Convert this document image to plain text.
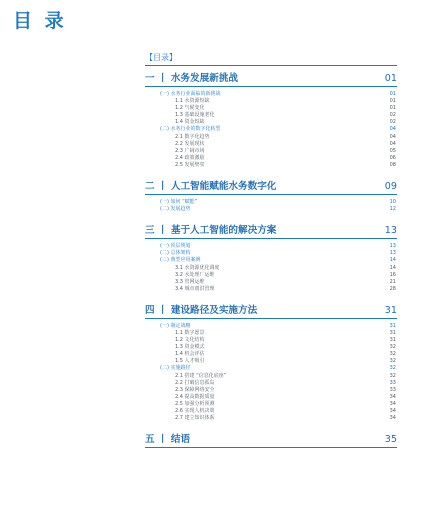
目 录
【目录】
一 丨 水务发展新挑战	01
(一) 水务行业面临的新挑战	01
1.1 水资源短缺	01
1.2 气候变化	01
1.3 基础设施老化	02
1.4 资金短缺	02
(二) 水务行业的数字化转型	04
2.1 数字化趋势	04
2.2 发展现状	04
2.3 广阔市场	05
2.4 政策激励	06
2.5 发展壁垒	08
二 丨 人工智能赋能水务数字化	09
(一) 如何 “赋能”	10
(二) 发展趋势	12
三 丨 基于人工智能的解决方案	13
(一) 顶层规划	13
(二) 总体架构	13
(三) 典型应用案例	14
3.1 水资源优化调度	14
3.2 水处理厂运维	16
3.3 管网运维	21
3.4 城市雨洪管理	28
四 丨 建设路径及实施方法	31
(一) 制定战略	31
1.1 数字愿景	31
1.2 文化结构	31
1.3 资金模式	32
1.4 机会评估	32
1.5 人才吸引	32
(二) 实施路径	32
2.1 搭建 “信息化底座”	32
2.2 打破信息孤岛	33
2.3 保障网络安全	33
2.4 提高数据质量	34
2.5 加强分析预测	34
2.6 实现人机决策	34
2.7 建立知识体系	34
五 丨 结语	35
